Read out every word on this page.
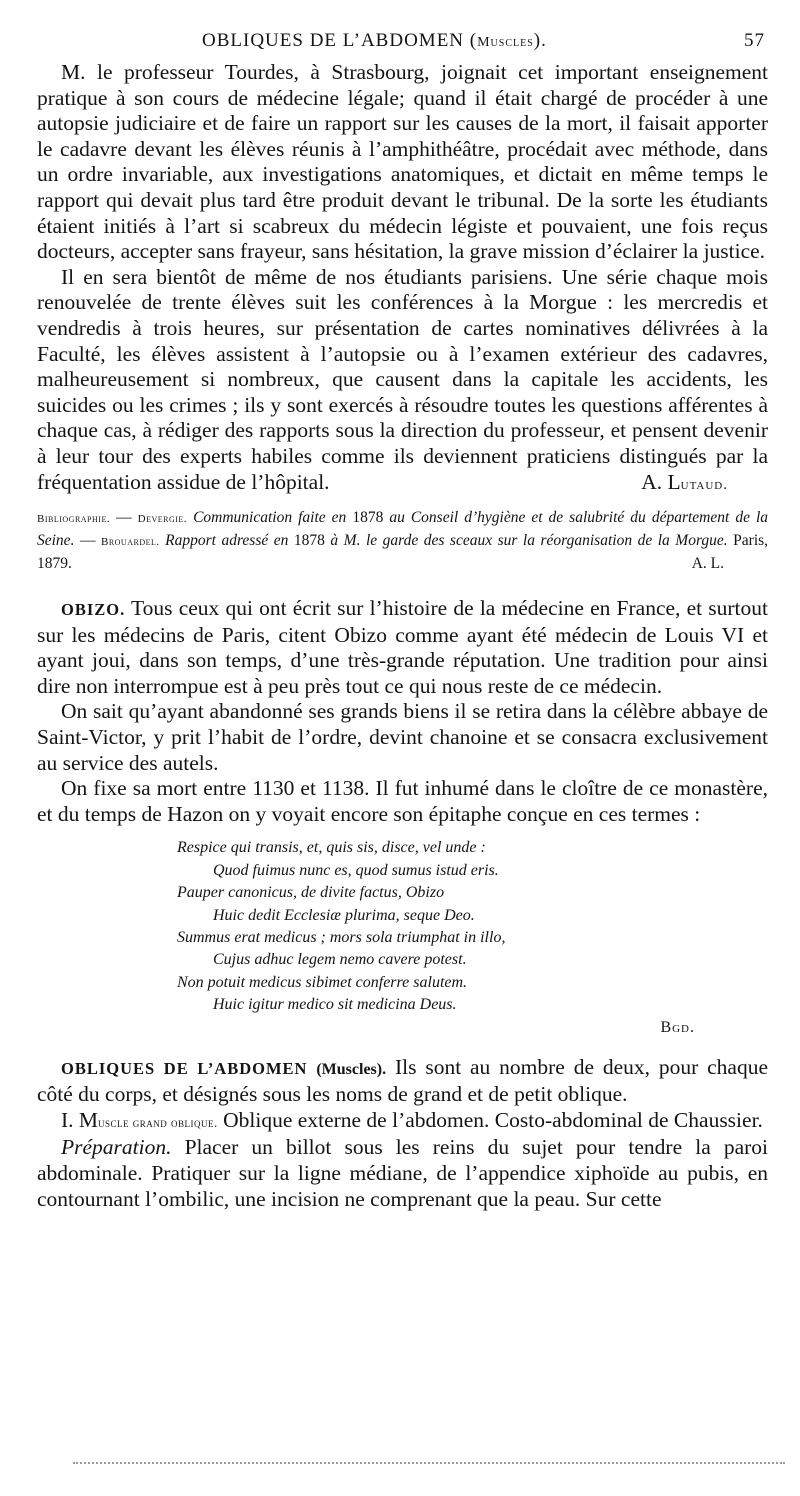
OBLIQUES DE L’ABDOMEN (Muscles).	57

M. le professeur Tourdes, à Strasbourg, joignait cet important enseignement pratique à son cours de médecine légale; quand il était chargé de procéder à une autopsie judiciaire et de faire un rapport sur les causes de la mort, il faisait apporter le cadavre devant les élèves réunis à l’amphithéâtre, procédait avec méthode, dans un ordre invariable, aux investigations anatomiques, et dictait en même temps le rapport qui devait plus tard être produit devant le tribunal. De la sorte les étudiants étaient initiés à l’art si scabreux du médecin légiste et pouvaient, une fois reçus docteurs, accepter sans frayeur, sans hésitation, la grave mission d’éclairer la justice.

Il en sera bientôt de même de nos étudiants parisiens. Une série chaque mois renouvelée de trente élèves suit les conférences à la Morgue : les mercredis et vendredis à trois heures, sur présentation de cartes nominatives délivrées à la Faculté, les élèves assistent à l’autopsie ou à l’examen extérieur des cadavres, malheureusement si nombreux, que causent dans la capitale les accidents, les suicides ou les crimes ; ils y sont exercés à résoudre toutes les questions afférentes à chaque cas, à rédiger des rapports sous la direction du professeur, et pensent devenir à leur tour des experts habiles comme ils deviennent praticiens distingués par la fréquentation assidue de l’hôpital.	A. Lutaud.

Bibliographie. — Devergie. Communication faite en 1878 au Conseil d’hygiène et de salubrité du département de la Seine. — Brouardel. Rapport adressé en 1878 à M. le garde des sceaux sur la réorganisation de la Morgue. Paris, 1879.	A. L.

OBIZO. Tous ceux qui ont écrit sur l’histoire de la médecine en France, et surtout sur les médecins de Paris, citent Obizo comme ayant été médecin de Louis VI et ayant joui, dans son temps, d’une très-grande réputation. Une tradition pour ainsi dire non interrompue est à peu près tout ce qui nous reste de ce médecin.

On sait qu’ayant abandonné ses grands biens il se retira dans la célèbre abbaye de Saint-Victor, y prit l’habit de l’ordre, devint chanoine et se consacra exclusivement au service des autels.

On fixe sa mort entre 1130 et 1138. Il fut inhumé dans le cloître de ce monastère, et du temps de Hazon on y voyait encore son épitaphe conçue en ces termes :

Respice qui transis, et, quis sis, disce, vel unde :
Quod fuimus nunc es, quod sumus istud eris.
Pauper canonicus, de divite factus, Obizo
Huic dedit Ecclesiæ plurima, seque Deo.
Summus erat medicus ; mors sola triumphat in illo,
Cujus adhuc legem nemo cavere potest.
Non potuit medicus sibimet conferre salutem.
Huic igitur medico sit medicina Deus.
Bgd.

OBLIQUES DE L’ABDOMEN (Muscles). Ils sont au nombre de deux, pour chaque côté du corps, et désignés sous les noms de grand et de petit oblique.

I. Muscle grand oblique. Oblique externe de l’abdomen. Costo-abdominal de Chaussier.

Préparation. Placer un billot sous les reins du sujet pour tendre la paroi abdominale. Pratiquer sur la ligne médiane, de l’appendice xiphoïde au pubis, en contournant l’ombilic, une incision ne comprenant que la peau. Sur cette
